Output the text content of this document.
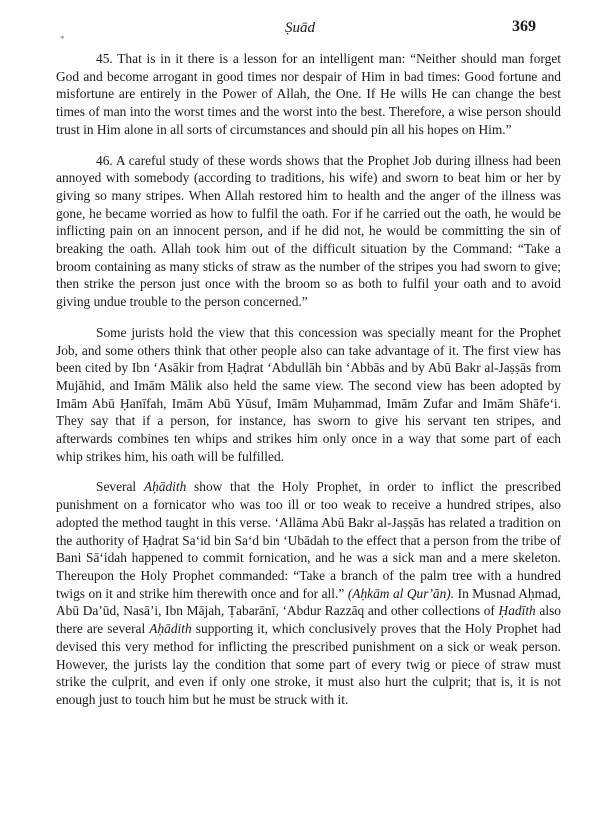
*
Ṣuād	369

45. That is in it there is a lesson for an intelligent man: “Neither should man forget God and become arrogant in good times nor despair of Him in bad times: Good fortune and misfortune are entirely in the Power of Allah, the One. If He wills He can change the best times of man into the worst times and the worst into the best. Therefore, a wise person should trust in Him alone in all sorts of circumstances and should pin all his hopes on Him.”

46. A careful study of these words shows that the Prophet Job during illness had been annoyed with somebody (according to traditions, his wife) and sworn to beat him or her by giving so many stripes. When Allah restored him to health and the anger of the illness was gone, he became worried as how to fulfil the oath. For if he carried out the oath, he would be inflicting pain on an innocent person, and if he did not, he would be committing the sin of breaking the oath. Allah took him out of the difficult situation by the Command: “Take a broom containing as many sticks of straw as the number of the stripes you had sworn to give; then strike the person just once with the broom so as both to fulfil your oath and to avoid giving undue trouble to the person concerned.”

Some jurists hold the view that this concession was specially meant for the Prophet Job, and some others think that other people also can take advantage of it. The first view has been cited by Ibn ʻAsākir from Ḥaḍrat ʻAbdullāh bin ʻAbbās and by Abū Bakr al-Jaṣṣās from Mujāhid, and Imām Mālik also held the same view. The second view has been adopted by Imām Abū Ḥanīfah, Imām Abū Yūsuf, Imām Muḥammad, Imām Zufar and Imām Shāfeʻi. They say that if a person, for instance, has sworn to give his servant ten stripes, and afterwards combines ten whips and strikes him only once in a way that some part of each whip strikes him, his oath will be fulfilled.

Several Aḥādith show that the Holy Prophet, in order to inflict the prescribed punishment on a fornicator who was too ill or too weak to receive a hundred stripes, also adopted the method taught in this verse. ʻAllāma Abū Bakr al-Jaṣṣās has related a tradition on the authority of Ḥaḍrat Saʻid bin Saʻd bin ʻUbādah to the effect that a person from the tribe of Bani Sāʻidah happened to commit fornication, and he was a sick man and a mere skeleton. Thereupon the Holy Prophet commanded: “Take a branch of the palm tree with a hundred twigs on it and strike him therewith once and for all.” (Aḥkām al Qurʼān). In Musnad Aḥmad, Abū Daʼūd, Nasāʼi, Ibn Mājah, Ṭabarānī, ʻAbdur Razzāq and other collections of Ḥadīth also there are several Aḥādith supporting it, which conclusively proves that the Holy Prophet had devised this very method for inflicting the prescribed punishment on a sick or weak person. However, the jurists lay the condition that some part of every twig or piece of straw must strike the culprit, and even if only one stroke, it must also hurt the culprit; that is, it is not enough just to touch him but he must be struck with it.
